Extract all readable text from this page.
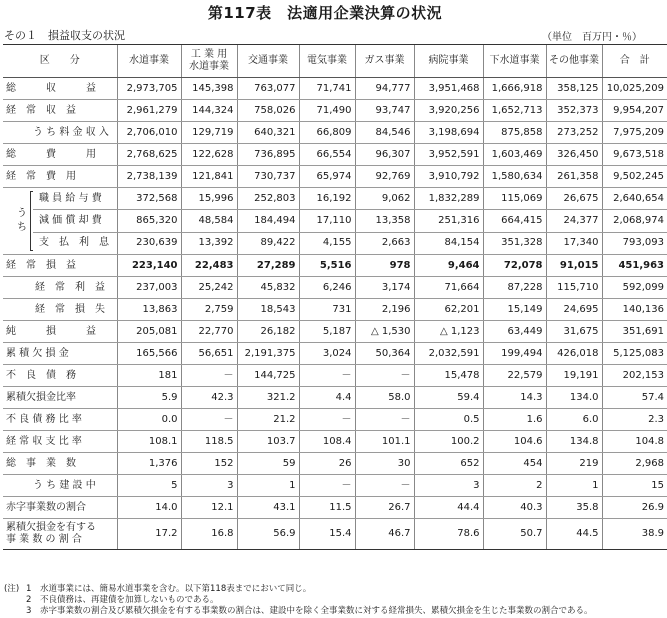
第117表　法適用企業決算の状況
その１　損益収支の状況	（単位　百万円・％）
区　　分		水道事業	工 業 用
水道事業	交通事業	電気事業	ガス事業	病院事業	下水道事業	その他事業	合　計

総　　　収　　　益		2,973,705	145,398	763,077	71,741	94,777	3,951,468	1,666,918	358,125	10,025,209

経　常　収　益		2,961,279	144,324	758,026	71,490	93,747	3,920,256	1,652,713	352,373	9,954,207

う ち 料 金 収 入		2,706,010	129,719	640,321	66,809	84,546	3,198,694	875,858	273,252	7,975,209

総　　　費　　　用		2,768,625	122,628	736,895	66,554	96,307	3,952,591	1,603,469	326,450	9,673,518

経　常　費　用		2,738,139	121,841	730,737	65,974	92,769	3,910,792	1,580,634	261,358	9,502,245

う
ち	職 員 給 与 費	372,568	15,996	252,803	16,192	9,062	1,832,289	115,069	26,675	2,640,654

	減 価 償 却 費	865,320	48,584	184,494	17,110	13,358	251,316	664,415	24,377	2,068,974

	支　払　利　息	230,639	13,392	89,422	4,155	2,663	84,154	351,328	17,340	793,093

経　常　損　益		223,140	22,483	27,289	5,516	978	9,464	72,078	91,015	451,963

経　常　利　益		237,003	25,242	45,832	6,246	3,174	71,664	87,228	115,710	592,099

経　常　損　失		13,863	2,759	18,543	731	2,196	62,201	15,149	24,695	140,136

純　　　損　　　益		205,081	22,770	26,182	5,187	△ 1,530	△ 1,123	63,449	31,675	351,691

累 積 欠 損 金		165,566	56,651	2,191,375	3,024	50,364	2,032,591	199,494	426,018	5,125,083

不　良　債　務		181	－	144,725	－	－	15,478	22,579	19,191	202,153

累積欠損金比率		5.9	42.3	321.2	4.4	58.0	59.4	14.3	134.0	57.4

不 良 債 務 比 率		0.0	－	21.2	－	－	0.5	1.6	6.0	2.3

経 常 収 支 比 率		108.1	118.5	103.7	108.4	101.1	100.2	104.6	134.8	104.8

総　事　業　数		1,376	152	59	26	30	652	454	219	2,968

う ち 建 設 中		5	3	1	－	－	3	2	1	15

赤字事業数の割合		14.0	12.1	43.1	11.5	26.7	44.4	40.3	35.8	26.9

累積欠損金を有する
事 業 数 の 割 合		17.2	16.8	56.9	15.4	46.7	78.6	50.7	44.5	38.9
(注) 1	水道事業には、簡易水道事業を含む。以下第118表までにおいて同じ。
2	不良債務は、再建債を加算しないものである。
3	赤字事業数の割合及び累積欠損金を有する事業数の割合は、建設中を除く全事業数に対する経常損失、累積欠損金を生じた事業数の割合である。
